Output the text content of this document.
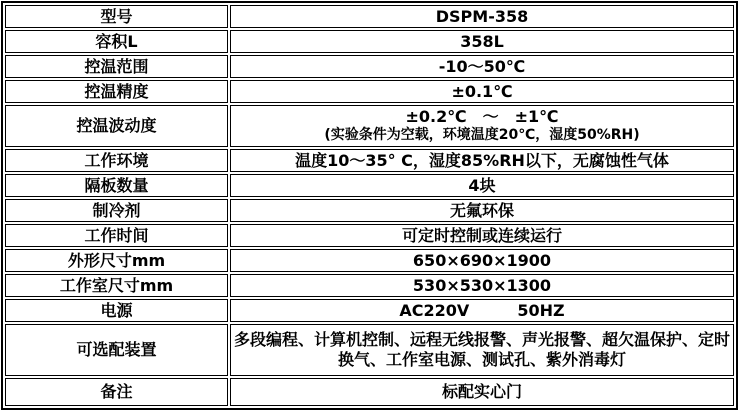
型号	DSPM-358
容积L	358L
控温范围	-10～50℃
控温精度	±0.1℃
控温波动度	±0.2℃　～　±1℃
(实验条件为空载，环境温度20℃，湿度50%RH)

工作环境	温度10～35° C，湿度85%RH以下，无腐蚀性气体
隔板数量	4块
制冷剂	无氟环保
工作时间	可定时控制或连续运行
外形尺寸mm	650×690×1900
工作室尺寸mm	530×530×1300
电源	AC220V　　　50HZ
可选配装置	多段编程、计算机控制、远程无线报警、声光报警、超欠温保护、定时换气、工作室电源、测试孔、紫外消毒灯
备注	标配实心门
